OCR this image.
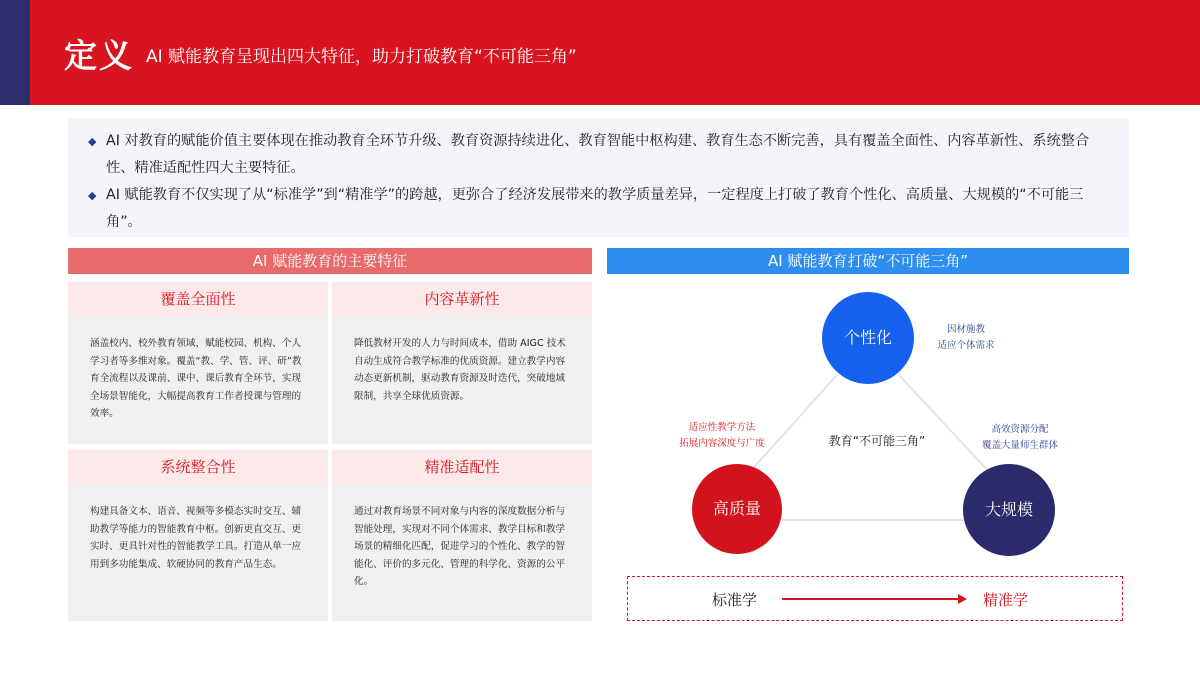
定义 AI 赋能教育呈现出四大特征，助力打破教育“不可能三角”
◆ AI 对教育的赋能价值主要体现在推动教育全环节升级、教育资源持续进化、教育智能中枢构建、教育生态不断完善，具有覆盖全面性、内容革新性、系统整合性、精准适配性四大主要特征。
◆ AI 赋能教育不仅实现了从“标准学”到“精准学”的跨越，更弥合了经济发展带来的教学质量差异，一定程度上打破了教育个性化、高质量、大规模的“不可能三角”。
AI 赋能教育的主要特征	AI 赋能教育打破“不可能三角”
覆盖全面性
涵盖校内、校外教育领域，赋能校园、机构、个人学习者等多维对象。覆盖“教、学、管、评、研”教育全流程以及课前、课中、课后教育全环节，实现全场景智能化，大幅提高教育工作者授课与管理的效率。
内容革新性
降低教材开发的人力与时间成本，借助 AIGC 技术自动生成符合教学标准的优质资源。建立教学内容动态更新机制，驱动教育资源及时迭代，突破地域限制，共享全球优质资源。
系统整合性
构建具备文本、语音、视频等多模态实时交互、辅助教学等能力的智能教育中枢。创新更直交互、更实时、更具针对性的智能教学工具。打造从单一应用到多功能集成、软硬协同的教育产品生态。
精准适配性
通过对教育场景不同对象与内容的深度数据分析与智能处理，实现对不同个体需求、教学目标和教学场景的精细化匹配，促进学习的个性化、教学的智能化、评价的多元化、管理的科学化、资源的公平化。
教育“不可能三角”
个性化
高质量	大规模
因材施教
适应个体需求
适应性教学方法
拓展内容深度与广度
高效资源分配
覆盖大量师生群体
标准学	精准学
